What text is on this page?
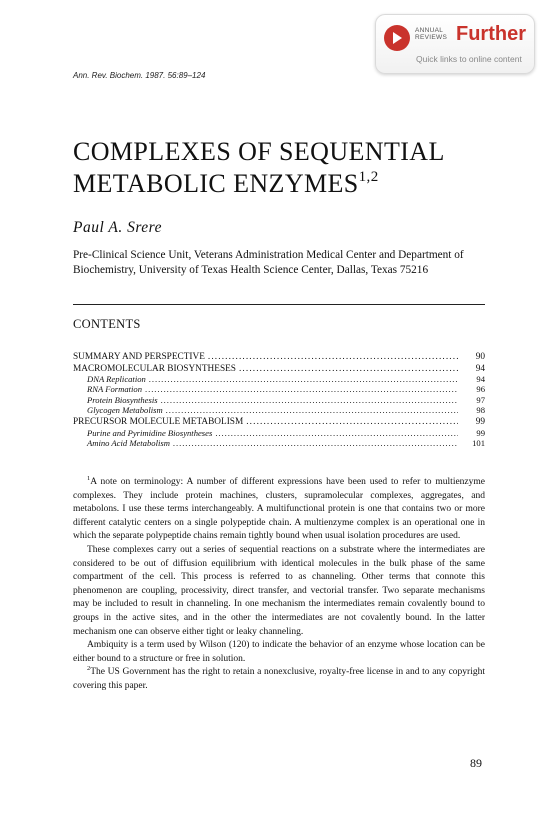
ANNUAL REVIEWS Further
Quick links to online content
Ann. Rev. Biochem. 1987. 56:89–124
COMPLEXES OF SEQUENTIAL
METABOLIC ENZYMES$^{1,2}$
Paul A. Srere
Pre-Clinical Science Unit, Veterans Administration Medical Center and Department of Biochemistry, University of Texas Health Science Center, Dallas, Texas 75216
CONTENTS
SUMMARY AND PERSPECTIVE . . .	90
MACROMOLECULAR BIOSYNTHESES . . .	94
DNA Replication . . .	94
RNA Formation . . .	96
Protein Biosynthesis . . .	97
Glycogen Metabolism . . .	98
PRECURSOR MOLECULE METABOLISM . . .	99
Purine and Pyrimidine Biosyntheses . . .	99
Amino Acid Metabolism . . .	101

$^1$A note on terminology: A number of different expressions have been used to refer to multienzyme complexes. They include protein machines, clusters, supramolecular complexes, aggregates, and metabolons. I use these terms interchangeably. A multifunctional protein is one that contains two or more different catalytic centers on a single polypeptide chain. A multienzyme complex is an operational one in which the separate polypeptide chains remain tightly bound when usual isolation procedures are used.

These complexes carry out a series of sequential reactions on a substrate where the intermediates are considered to be out of diffusion equilibrium with identical molecules in the bulk phase of the same compartment of the cell. This process is referred to as channeling. Other terms that connote this phenomenon are coupling, processivity, direct transfer, and vectorial transfer. Two separate mechanisms may be included to result in channeling. In one mechanism the intermediates remain covalently bound to groups in the active sites, and in the other the intermediates are not covalently bound. In the latter mechanism one can observe either tight or leaky channeling.

Ambiquity is a term used by Wilson (120) to indicate the behavior of an enzyme whose location can be either bound to a structure or free in solution.

$^2$The US Government has the right to retain a nonexclusive, royalty-free license in and to any copyright covering this paper.

89
